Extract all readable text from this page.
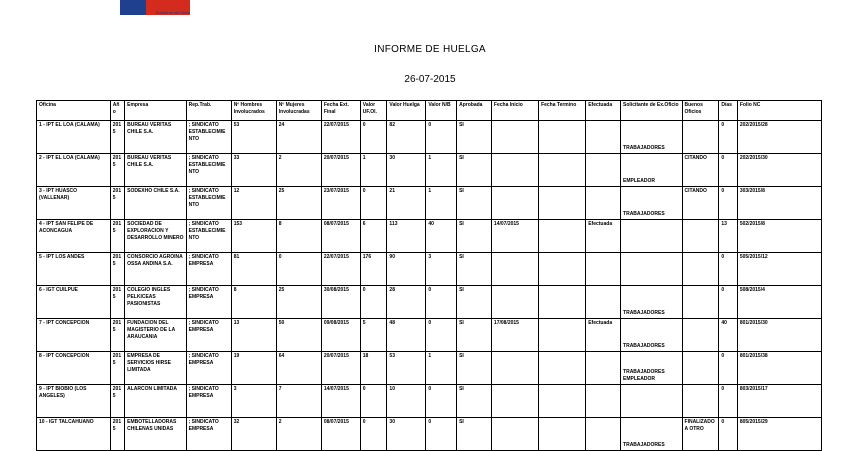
Gobierno de Chile
INFORME DE HUELGA
26-07-2015
Oficina	Año	Empresa	Rep.Trab.	Nº Hombres Involucrados	Nº Mujeres Involucradas	Fecha Ext. Final	Valor UF.Ol.	Valor Huelga	Valor N/B	Aprobada	Fecha Inicio	Fecha Termino	Efectuada	Solicitante de Ex.Oficio	Buenos Oficios	Días	Folio NC
1 - IPT EL LOA (CALAMA)	2015	BUREAU VERITAS CHILE S.A.	; SINDICATO ESTABLECIMIENTO	53	24	22/07/2015	0	82	0	SI				TRABAJADORES		0	202/2015/28
2 - IPT EL LOA (CALAMA)	2015	BUREAU VERITAS CHILE S.A.	; SINDICATO ESTABLECIMIENTO	33	2	20/07/2015	1	30	1	SI				EMPLEADOR	CITANDO	0	202/2015/30
3 - IPT HUASCO (VALLENAR)	2015	SODEXHO CHILE S.A.	; SINDICATO ESTABLECIMIENTO	12	25	23/07/2015	0	21	1	SI				TRABAJADORES	CITANDO	0	303/2015/8
4 - IPT SAN FELIPE DE ACONCAGUA	2015	SOCIEDAD DE EXPLORACION Y DESARROLLO MINERO	; SINDICATO ESTABLECIMIENTO	153	8	08/07/2015	6	113	40	SI	14/07/2015		Efectuada			13	502/2015/8
5 - IPT LOS ANDES	2015	CONSORCIO AGROINA OSSA ANDINA S.A.	; SINDICATO EMPRESA	81	0	22/07/2015	176	90	3	SI						0	505/2015/12
6 - IGT CUILPUE	2015	COLEGIO INGLES PELKICEAS PASIONISTAS	; SINDICATO EMPRESA	8	25	30/08/2015	0	28	0	SI				TRABAJADORES		0	508/2015/4
7 - IPT CONCEPCION	2015	FUNDACION DEL MAGISTERIO DE LA ARAUCANIA	; SINDICATO EMPRESA	13	50	09/08/2015	5	48	0	SI	17/08/2015		Efectuada	TRABAJADORES		40	801/2015/30
8 - IPT CONCEPCION	2015	EMPRESA DE SERVICIOS HIRSE LIMITADA	; SINDICATO EMPRESA	19	64	20/07/2015	18	53	1	SI				TRABAJADORES EMPLEADOR		0	801/2015/38
9 - IPT BIOBIO (LOS ANGELES)	2015	ALARCON LIMITADA	; SINDICATO EMPRESA	3	7	14/07/2015	0	10	0	SI						0	803/2015/17
10 - IGT TALCAHUANO	2015	EMBOTELLADORAS CHILENAS UNIDAS	; SINDICATO EMPRESA	32	2	08/07/2015	0	30	0	SI				TRABAJADORES	FINALIZADO A OTRO	0	805/2015/29
